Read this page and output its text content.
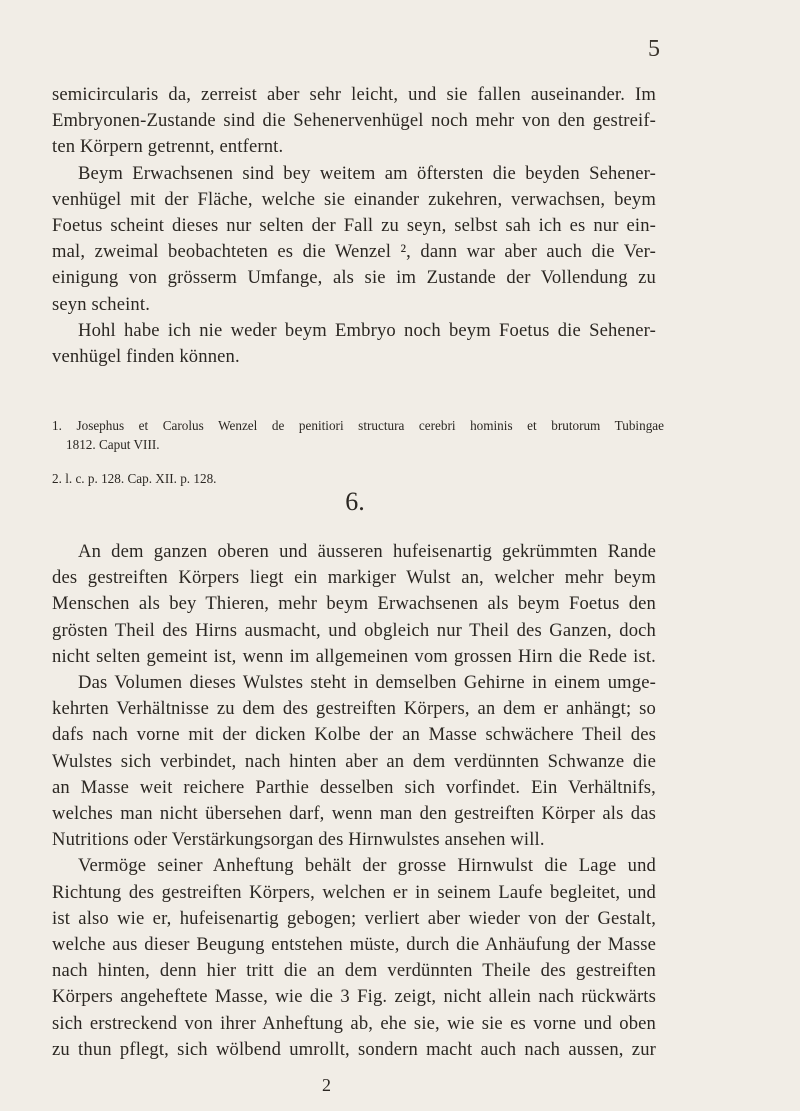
5
semicircularis da, zerreist aber sehr leicht, und sie fallen auseinander. Im
Embryonen-Zustande sind die Sehenervenhügel noch mehr von den gestreif-
ten Körpern getrennt, entfernt.
Beym Erwachsenen sind bey weitem am öftersten die beyden Sehener-
venhügel mit der Fläche, welche sie einander zukehren, verwachsen, beym
Foetus scheint dieses nur selten der Fall zu seyn, selbst sah ich es nur ein-
mal, zweimal beobachteten es die Wenzel ², dann war aber auch die Ver-
einigung von grösserm Umfange, als sie im Zustande der Vollendung zu
seyn scheint.
Hohl habe ich nie weder beym Embryo noch beym Foetus die Sehener-
venhügel finden können.
1. Josephus et Carolus Wenzel de penitiori structura cerebri hominis et brutorum Tubingae
1812. Caput VIII.
2. l. c. p. 128. Cap. XII. p. 128.
6.
An dem ganzen oberen und äusseren hufeisenartig gekrümmten Rande
des gestreiften Körpers liegt ein markiger Wulst an, welcher mehr beym
Menschen als bey Thieren, mehr beym Erwachsenen als beym Foetus den
grösten Theil des Hirns ausmacht, und obgleich nur Theil des Ganzen, doch
nicht selten gemeint ist, wenn im allgemeinen vom grossen Hirn die Rede ist.
Das Volumen dieses Wulstes steht in demselben Gehirne in einem umge-
kehrten Verhältnisse zu dem des gestreiften Körpers, an dem er anhängt; so
dafs nach vorne mit der dicken Kolbe der an Masse schwächere Theil des
Wulstes sich verbindet, nach hinten aber an dem verdünnten Schwanze die
an Masse weit reichere Parthie desselben sich vorfindet. Ein Verhältnifs,
welches man nicht übersehen darf, wenn man den gestreiften Körper als das
Nutritions oder Verstärkungsorgan des Hirnwulstes ansehen will.
Vermöge seiner Anheftung behält der grosse Hirnwulst die Lage und
Richtung des gestreiften Körpers, welchen er in seinem Laufe begleitet, und
ist also wie er, hufeisenartig gebogen; verliert aber wieder von der Gestalt,
welche aus dieser Beugung entstehen müste, durch die Anhäufung der Masse
nach hinten, denn hier tritt die an dem verdünnten Theile des gestreiften
Körpers angeheftete Masse, wie die 3 Fig. zeigt, nicht allein nach rückwärts
sich erstreckend von ihrer Anheftung ab, ehe sie, wie sie es vorne und oben
zu thun pflegt, sich wölbend umrollt, sondern macht auch nach aussen, zur
2
